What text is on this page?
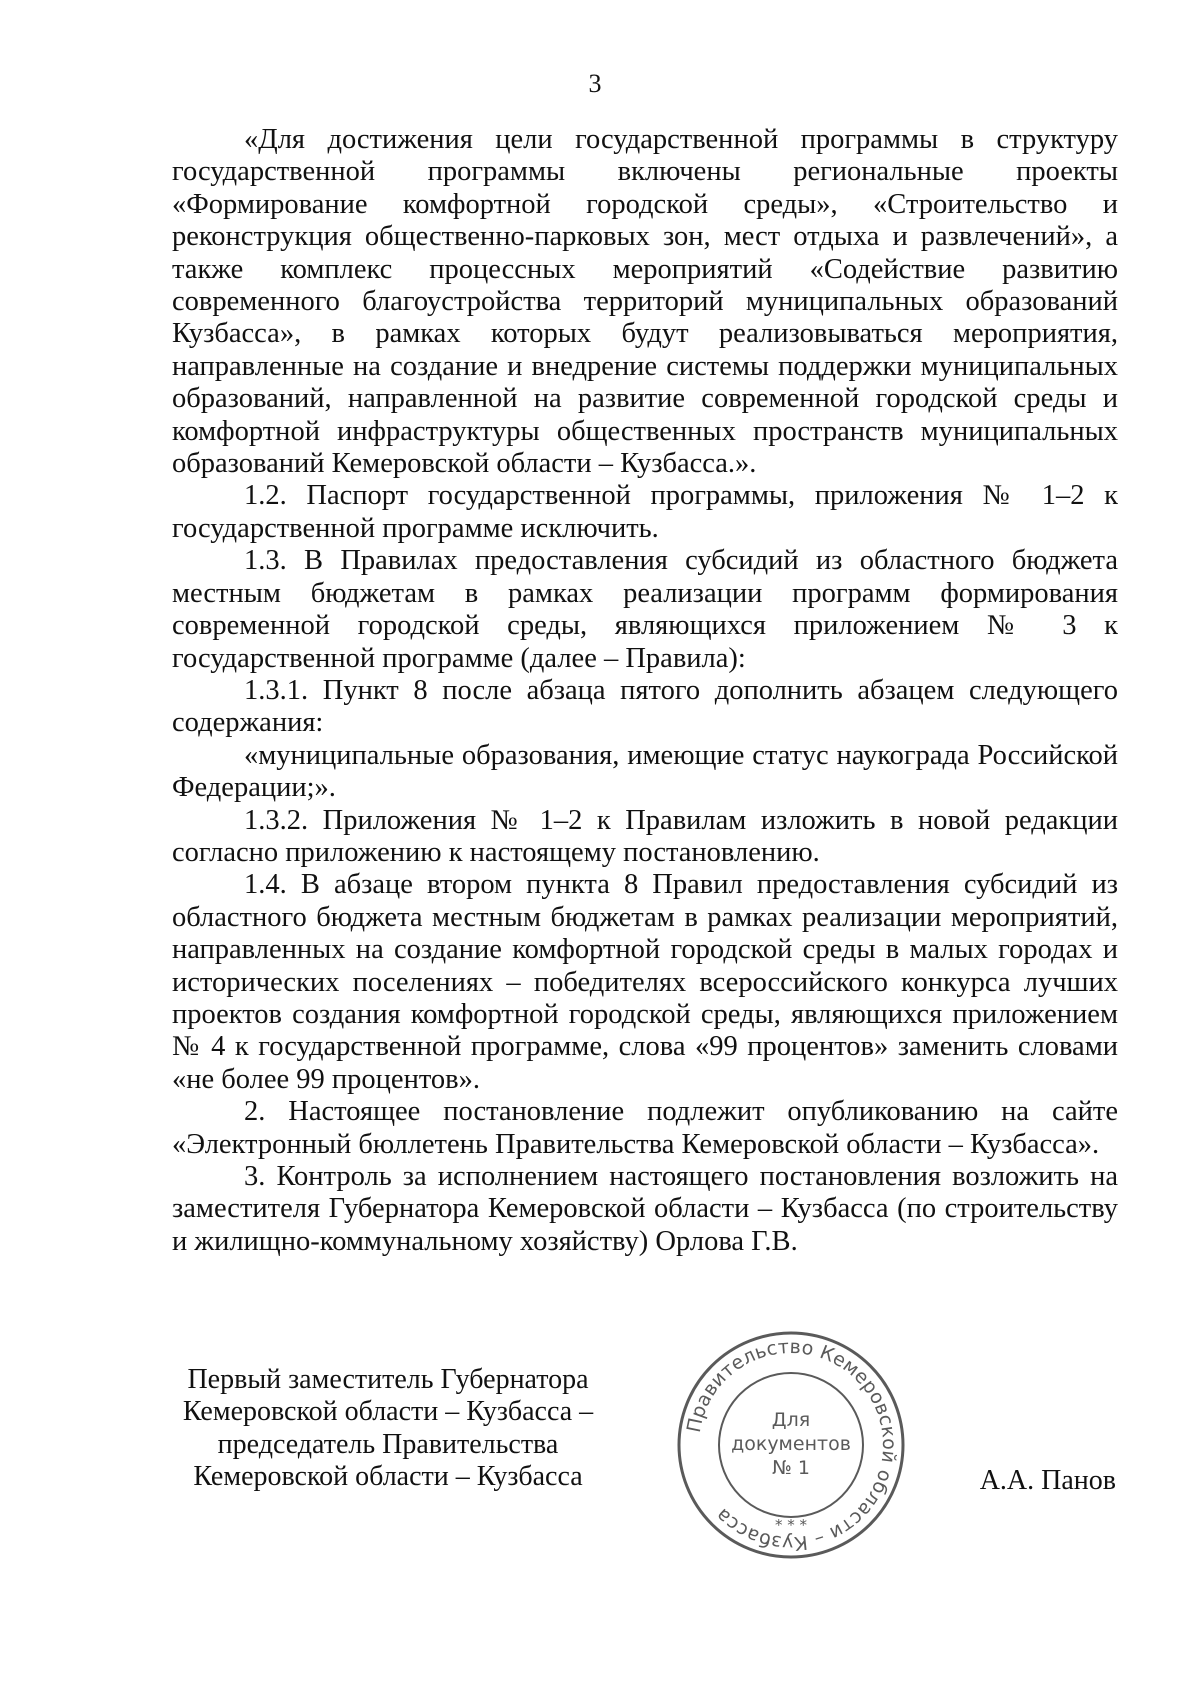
3

«Для достижения цели государственной программы в структуру государственной программы включены региональные проекты «Формирование комфортной городской среды», «Строительство и реконструкция общественно-парковых зон, мест отдыха и развлечений», а также комплекс процессных мероприятий «Содействие развитию современного благоустройства территорий муниципальных образований Кузбасса», в рамках которых будут реализовываться мероприятия, направленные на создание и внедрение системы поддержки муниципальных образований, направленной на развитие современной городской среды и комфортной инфраструктуры общественных пространств муниципальных образований Кемеровской области – Кузбасса.».

1.2. Паспорт государственной программы, приложения № 1–2 к государственной программе исключить.

1.3. В Правилах предоставления субсидий из областного бюджета местным бюджетам в рамках реализации программ формирования современной городской среды, являющихся приложением № 3 к государственной программе (далее – Правила):

1.3.1. Пункт 8 после абзаца пятого дополнить абзацем следующего содержания:

«муниципальные образования, имеющие статус наукограда Российской Федерации;».

1.3.2. Приложения № 1–2 к Правилам изложить в новой редакции согласно приложению к настоящему постановлению.

1.4. В абзаце втором пункта 8 Правил предоставления субсидий из областного бюджета местным бюджетам в рамках реализации мероприятий, направленных на создание комфортной городской среды в малых городах и исторических поселениях – победителях всероссийского конкурса лучших проектов создания комфортной городской среды, являющихся приложением № 4 к государственной программе, слова «99 процентов» заменить словами «не более 99 процентов».

2. Настоящее постановление подлежит опубликованию на сайте «Электронный бюллетень Правительства Кемеровской области – Кузбасса».

3. Контроль за исполнением настоящего постановления возложить на заместителя Губернатора Кемеровской области – Кузбасса (по строительству и жилищно-коммунальному хозяйству) Орлова Г.В.

Первый заместитель Губернатора
Кемеровской области – Кузбасса –
председатель Правительства
Кемеровской области – Кузбасса
Правительство Кемеровской области – Кузбасса	* * *
Для
документов
№ 1	А.А. Панов
